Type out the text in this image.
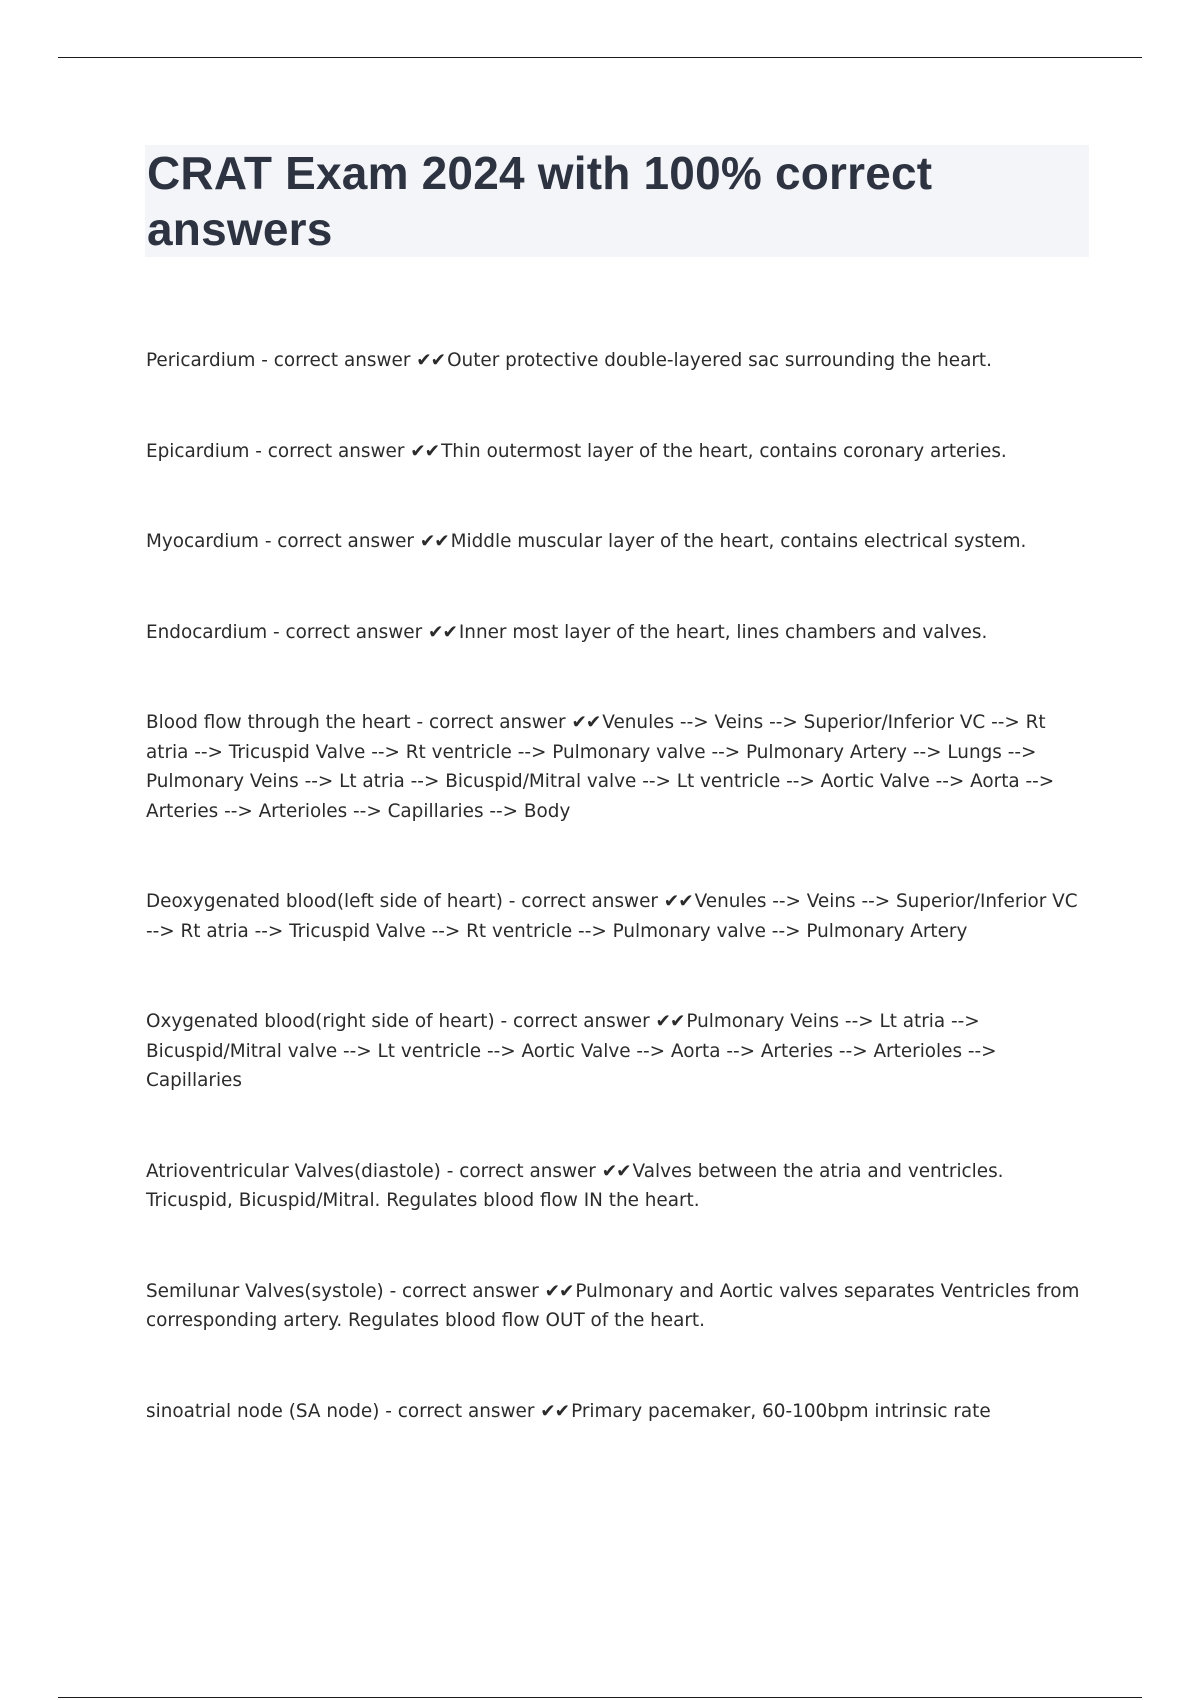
CRAT Exam 2024 with 100% correct answers
Pericardium - correct answer ✔✔ Outer protective double-layered sac surrounding the heart.
Epicardium - correct answer ✔✔ Thin outermost layer of the heart, contains coronary arteries.
Myocardium - correct answer ✔✔ Middle muscular layer of the heart, contains electrical system.
Endocardium - correct answer ✔✔ Inner most layer of the heart, lines chambers and valves.
Blood flow through the heart - correct answer ✔✔ Venules --> Veins --> Superior/Inferior VC --> Rt atria --> Tricuspid Valve --> Rt ventricle --> Pulmonary valve --> Pulmonary Artery --> Lungs --> Pulmonary Veins --> Lt atria --> Bicuspid/Mitral valve --> Lt ventricle --> Aortic Valve --> Aorta --> Arteries --> Arterioles --> Capillaries --> Body
Deoxygenated blood(left side of heart) - correct answer ✔✔ Venules --> Veins --> Superior/Inferior VC --> Rt atria --> Tricuspid Valve --> Rt ventricle --> Pulmonary valve --> Pulmonary Artery
Oxygenated blood(right side of heart) - correct answer ✔✔ Pulmonary Veins --> Lt atria --> Bicuspid/Mitral valve --> Lt ventricle --> Aortic Valve --> Aorta --> Arteries --> Arterioles --> Capillaries
Atrioventricular Valves(diastole) - correct answer ✔✔ Valves between the atria and ventricles. Tricuspid, Bicuspid/Mitral. Regulates blood flow IN the heart.
Semilunar Valves(systole) - correct answer ✔✔ Pulmonary and Aortic valves separates Ventricles from corresponding artery. Regulates blood flow OUT of the heart.
sinoatrial node (SA node) - correct answer ✔✔ Primary pacemaker, 60-100bpm intrinsic rate
